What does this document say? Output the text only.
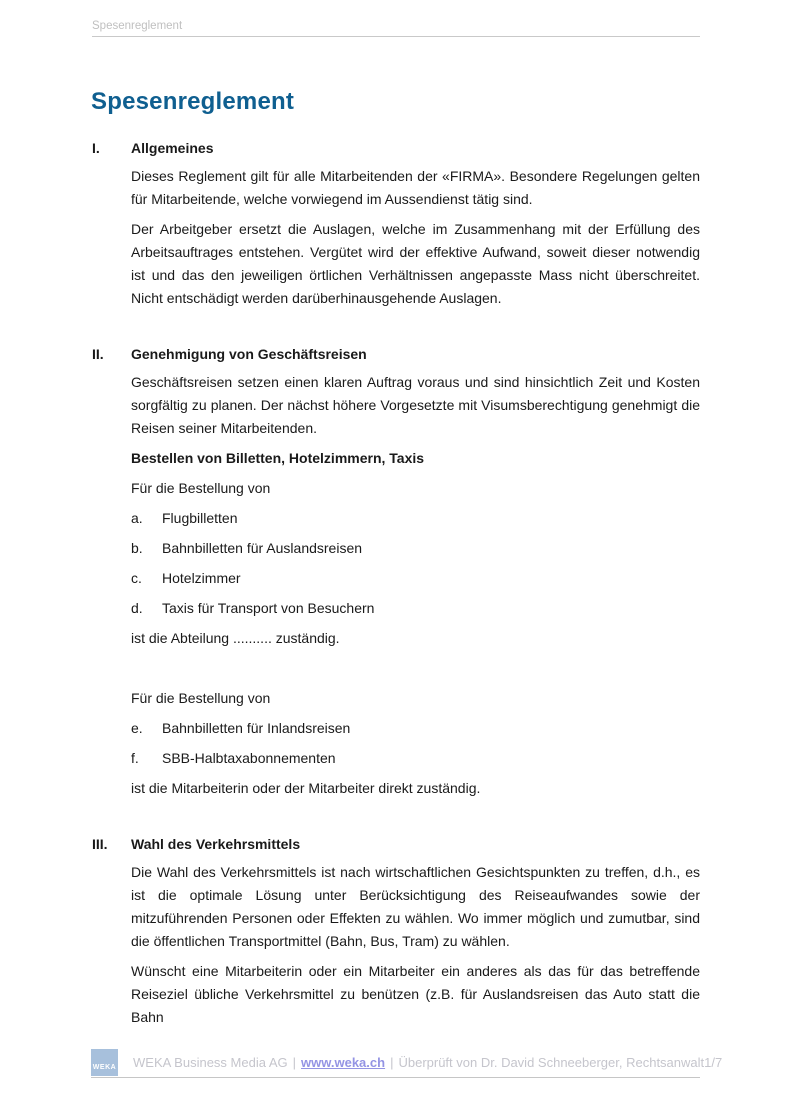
Spesenreglement
Spesenreglement
I.	Allgemeines

Dieses Reglement gilt für alle Mitarbeitenden der «FIRMA». Besondere Regelungen gelten für Mitarbeitende, welche vorwiegend im Aussendienst tätig sind.

Der Arbeitgeber ersetzt die Auslagen, welche im Zusammenhang mit der Erfüllung des Arbeitsauftrages entstehen. Vergütet wird der effektive Aufwand, soweit dieser notwendig ist und das den jeweiligen örtlichen Verhältnissen angepasste Mass nicht überschreitet. Nicht entschädigt werden darüberhinausgehende Auslagen.

II.	Genehmigung von Geschäftsreisen

Geschäftsreisen setzen einen klaren Auftrag voraus und sind hinsichtlich Zeit und Kosten sorgfältig zu planen. Der nächst höhere Vorgesetzte mit Visumsberechtigung genehmigt die Reisen seiner Mitarbeitenden.

Bestellen von Billetten, Hotelzimmern, Taxis

Für die Bestellung von

a.	Flugbilletten
b.	Bahnbilletten für Auslandsreisen
c.	Hotelzimmer
d.	Taxis für Transport von Besuchern

ist die Abteilung .......... zuständig.

Für die Bestellung von

e.	Bahnbilletten für Inlandsreisen
f.	SBB-Halbtaxabonnementen

ist die Mitarbeiterin oder der Mitarbeiter direkt zuständig.

III.	Wahl des Verkehrsmittels

Die Wahl des Verkehrsmittels ist nach wirtschaftlichen Gesichtspunkten zu treffen, d.h., es ist die optimale Lösung unter Berücksichtigung des Reiseaufwandes sowie der mitzuführenden Personen oder Effekten zu wählen. Wo immer möglich und zumutbar, sind die öffentlichen Transportmittel (Bahn, Bus, Tram) zu wählen.

Wünscht eine Mitarbeiterin oder ein Mitarbeiter ein anderes als das für das betreffende Reiseziel übliche Verkehrsmittel zu benützen (z.B. für Auslandsreisen das Auto statt die Bahn

WEKA WEKA Business Media AG | www.weka.ch | Überprüft von Dr. David Schneeberger, Rechtsanwalt 1/7
